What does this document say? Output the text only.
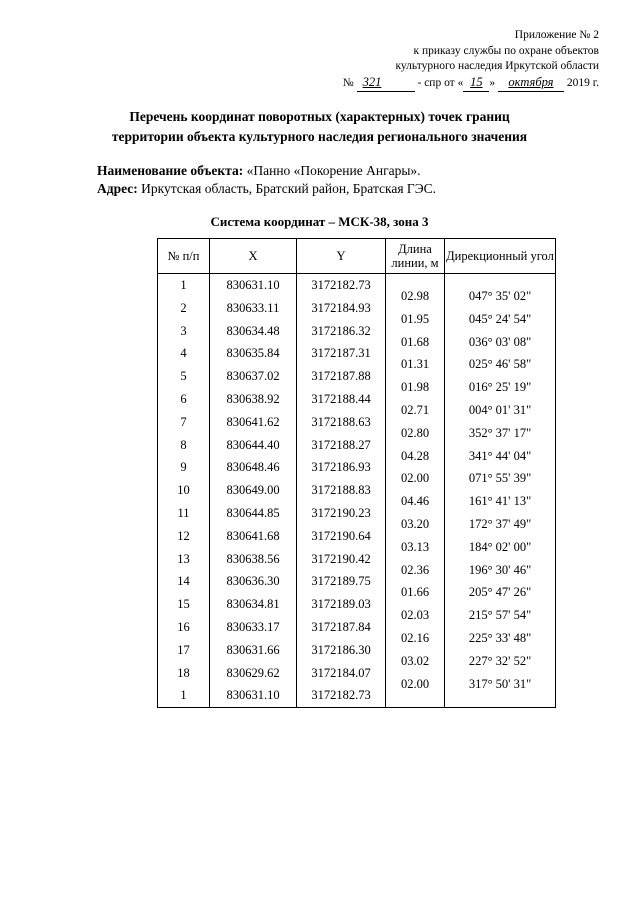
Приложение № 2
к приказу службы по охране объектов
культурного наследия Иркутской области
№ 321	- спр от « 15 » октября 2019 г.
Перечень координат поворотных (характерных) точек границ
территории объекта культурного наследия регионального значения
Наименование объекта: «Панно «Покорение Ангары».
Адрес: Иркутская область, Братский район, Братская ГЭС.
Система координат – МСК-38, зона 3
№ п/п	X	Y	Длина линии, м	Дирекционный угол

1	830631.10	3172182.73	02.98	047° 35' 02"

2	830633.11	3172184.93	01.95	045° 24' 54"

3	830634.48	3172186.32	01.68	036° 03' 08"

4	830635.84	3172187.31	01.31	025° 46' 58"

5	830637.02	3172187.88	01.98	016° 25' 19"

6	830638.92	3172188.44	02.71	004° 01' 31"

7	830641.62	3172188.63	02.80	352° 37' 17"

8	830644.40	3172188.27	04.28	341° 44' 04"

9	830648.46	3172186.93	02.00	071° 55' 39"

10	830649.00	3172188.83	04.46	161° 41' 13"

11	830644.85	3172190.23	03.20	172° 37' 49"

12	830641.68	3172190.64	03.13	184° 02' 00"

13	830638.56	3172190.42	02.36	196° 30' 46"

14	830636.30	3172189.75	01.66	205° 47' 26"

15	830634.81	3172189.03	02.03	215° 57' 54"

16	830633.17	3172187.84	02.16	225° 33' 48"

17	830631.66	3172186.30	03.02	227° 32' 52"

18	830629.62	3172184.07	02.00	317° 50' 31"

1	830631.10	3172182.73		
